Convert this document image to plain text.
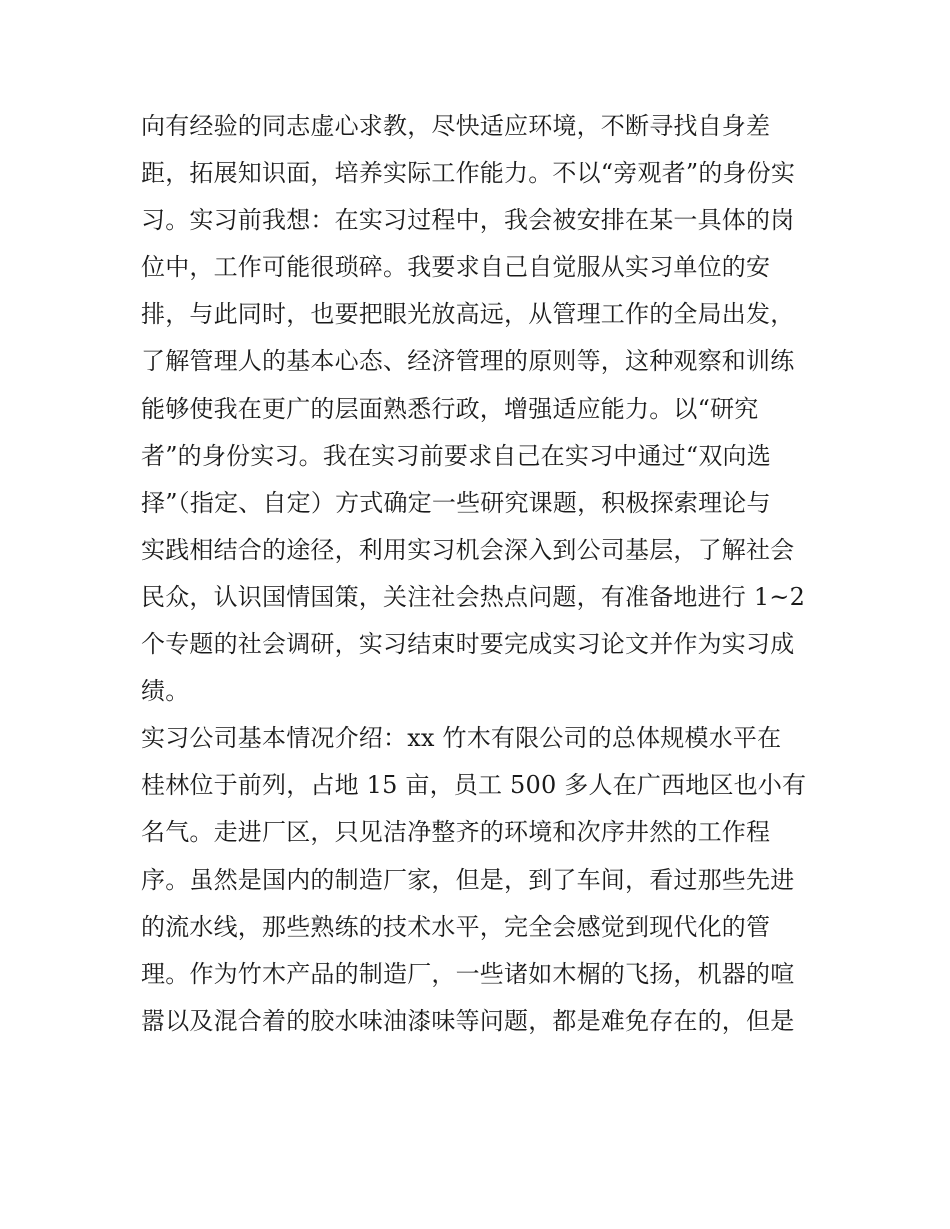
向有经验的同志虚心求教，尽快适应环境，不断寻找自身差
距，拓展知识面，培养实际工作能力。不以“旁观者”的身份实
习。实习前我想：在实习过程中，我会被安排在某一具体的岗
位中，工作可能很琐碎。我要求自己自觉服从实习单位的安
排，与此同时，也要把眼光放高远，从管理工作的全局出发，
了解管理人的基本心态、经济管理的原则等，这种观察和训练
能够使我在更广的层面熟悉行政，增强适应能力。以“研究
者”的身份实习。我在实习前要求自己在实习中通过“双向选
择”（指定、自定）方式确定一些研究课题，积极探索理论与
实践相结合的途径，利用实习机会深入到公司基层，了解社会
民众，认识国情国策，关注社会热点问题，有准备地进行 1~2
个专题的社会调研，实习结束时要完成实习论文并作为实习成
绩。
实习公司基本情况介绍：xx 竹木有限公司的总体规模水平在
桂林位于前列，占地 15 亩，员工 500 多人在广西地区也小有
名气。走进厂区，只见洁净整齐的环境和次序井然的工作程
序。虽然是国内的制造厂家，但是，到了车间，看过那些先进
的流水线，那些熟练的技术水平，完全会感觉到现代化的管
理。作为竹木产品的制造厂，一些诸如木榍的飞扬，机器的喧
嚣以及混合着的胶水味油漆味等问题，都是难免存在的，但是
